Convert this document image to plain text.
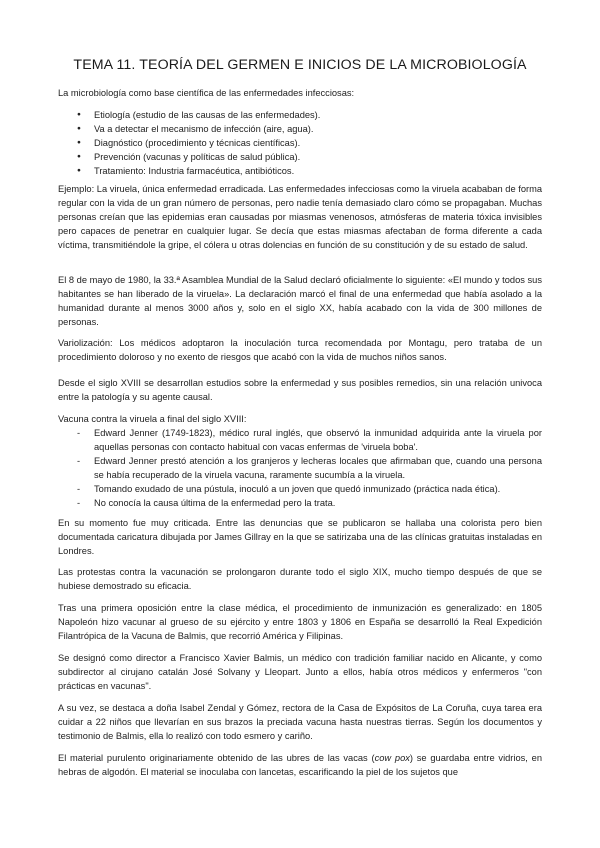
TEMA 11. TEORÍA DEL GERMEN E INICIOS DE LA MICROBIOLOGÍA

La microbiología como base científica de las enfermedades infecciosas:

● Etiología (estudio de las causas de las enfermedades).
● Va a detectar el mecanismo de infección (aire, agua).
● Diagnóstico (procedimiento y técnicas científicas).
● Prevención (vacunas y políticas de salud pública).
● Tratamiento: Industria farmacéutica, antibióticos.

Ejemplo: La viruela, única enfermedad erradicada. Las enfermedades infecciosas como la viruela acababan de forma regular con la vida de un gran número de personas, pero nadie tenía demasiado claro cómo se propagaban. Muchas personas creían que las epidemias eran causadas por miasmas venenosos, atmósferas de materia tóxica invisibles pero capaces de penetrar en cualquier lugar. Se decía que estas miasmas afectaban de forma diferente a cada víctima, transmitiéndole la gripe, el cólera u otras dolencias en función de su constitución y de su estado de salud.

El 8 de mayo de 1980, la 33.ª Asamblea Mundial de la Salud declaró oficialmente lo siguiente: «El mundo y todos sus habitantes se han liberado de la viruela». La declaración marcó el final de una enfermedad que había asolado a la humanidad durante al menos 3000 años y, solo en el siglo XX, había acabado con la vida de 300 millones de personas.

Variolización: Los médicos adoptaron la inoculación turca recomendada por Montagu, pero trataba de un procedimiento doloroso y no exento de riesgos que acabó con la vida de muchos niños sanos.

Desde el siglo XVIII se desarrollan estudios sobre la enfermedad y sus posibles remedios, sin una relación univoca entre la patología y su agente causal.

Vacuna contra la viruela a final del siglo XVIII:

- Edward Jenner (1749-1823), médico rural inglés, que observó la inmunidad adquirida ante la viruela por aquellas personas con contacto habitual con vacas enfermas de 'viruela boba'.
- Edward Jenner prestó atención a los granjeros y lecheras locales que afirmaban que, cuando una persona se había recuperado de la viruela vacuna, raramente sucumbía a la viruela.
- Tomando exudado de una pústula, inoculó a un joven que quedó inmunizado (práctica nada ética).
- No conocía la causa última de la enfermedad pero la trata.

En su momento fue muy criticada. Entre las denuncias que se publicaron se hallaba una colorista pero bien documentada caricatura dibujada por James Gillray en la que se satirizaba una de las clínicas gratuitas instaladas en Londres.

Las protestas contra la vacunación se prolongaron durante todo el siglo XIX, mucho tiempo después de que se hubiese demostrado su eficacia.

Tras una primera oposición entre la clase médica, el procedimiento de inmunización es generalizado: en 1805 Napoleón hizo vacunar al grueso de su ejército y entre 1803 y 1806 en España se desarrolló la Real Expedición Filantrópica de la Vacuna de Balmis, que recorrió América y Filipinas.

Se designó como director a Francisco Xavier Balmis, un médico con tradición familiar nacido en Alicante, y como subdirector al cirujano catalán José Solvany y Lleopart. Junto a ellos, había otros médicos y enfermeros "con prácticas en vacunas".

A su vez, se destaca a doña Isabel Zendal y Gómez, rectora de la Casa de Expósitos de La Coruña, cuya tarea era cuidar a 22 niños que llevarían en sus brazos la preciada vacuna hasta nuestras tierras. Según los documentos y testimonio de Balmis, ella lo realizó con todo esmero y cariño.

El material purulento originariamente obtenido de las ubres de las vacas (cow pox) se guardaba entre vidrios, en hebras de algodón. El material se inoculaba con lancetas, escarificando la piel de los sujetos que
